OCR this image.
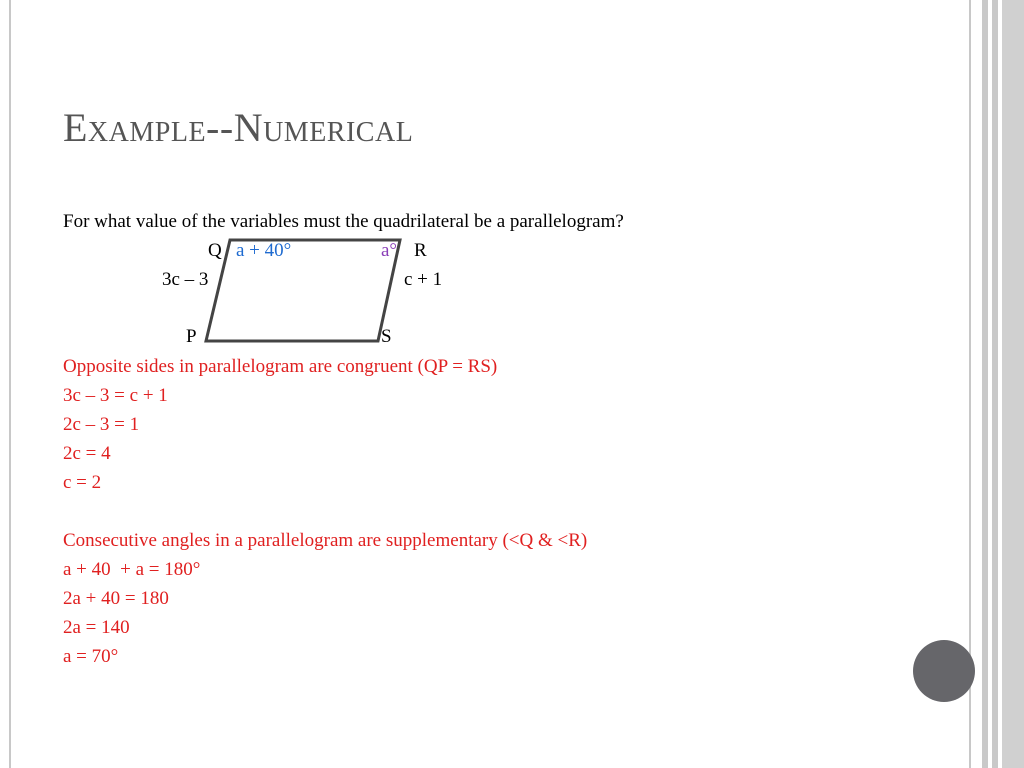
Example--Numerical
For what value of the variables must the quadrilateral be a parallelogram?
Q a + 40°	a° R
3c – 3	c + 1
P	S
Opposite sides in parallelogram are congruent (QP = RS)
3c – 3 = c + 1
2c – 3 = 1
2c = 4
c = 2
Consecutive angles in a parallelogram are supplementary (<Q & <R)
a + 40  + a = 180°
2a + 40 = 180
2a = 140
a = 70°
